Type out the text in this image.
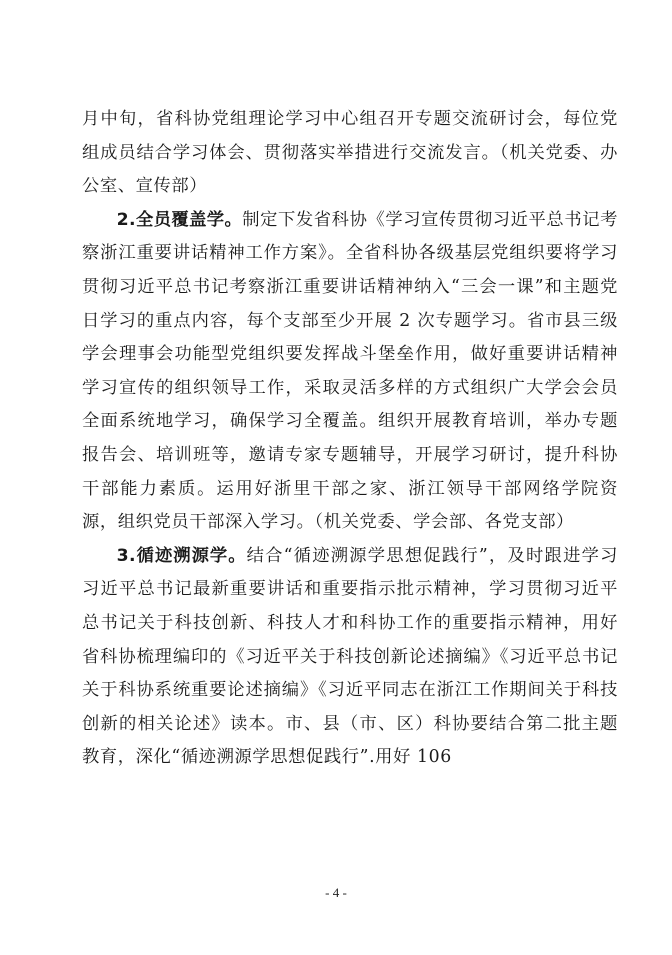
月中旬，省科协党组理论学习中心组召开专题交流研讨会，每位党组成员结合学习体会、贯彻落实举措进行交流发言。（机关党委、办公室、宣传部）

2.全员覆盖学。制定下发省科协《学习宣传贯彻习近平总书记考察浙江重要讲话精神工作方案》。全省科协各级基层党组织要将学习贯彻习近平总书记考察浙江重要讲话精神纳入“三会一课”和主题党日学习的重点内容，每个支部至少开展 2 次专题学习。省市县三级学会理事会功能型党组织要发挥战斗堡垒作用，做好重要讲话精神学习宣传的组织领导工作，采取灵活多样的方式组织广大学会会员全面系统地学习，确保学习全覆盖。组织开展教育培训，举办专题报告会、培训班等，邀请专家专题辅导，开展学习研讨，提升科协干部能力素质。运用好浙里干部之家、浙江领导干部网络学院资源，组织党员干部深入学习。（机关党委、学会部、各党支部）

3.循迹溯源学。结合“循迹溯源学思想促践行”，及时跟进学习习近平总书记最新重要讲话和重要指示批示精神，学习贯彻习近平总书记关于科技创新、科技人才和科协工作的重要指示精神，用好省科协梳理编印的《习近平关于科技创新论述摘编》《习近平总书记关于科协系统重要论述摘编》《习近平同志在浙江工作期间关于科技创新的相关论述》读本。市、县（市、区）科协要结合第二批主题教育，深化“循迹溯源学思想促践行”.用好 106

- 4 -
